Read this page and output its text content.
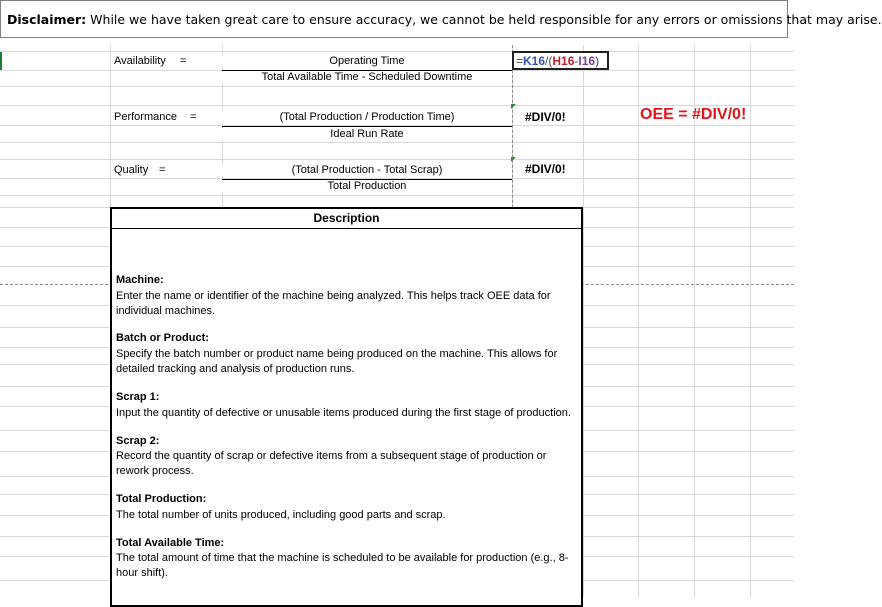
Disclaimer: While we have taken great care to ensure accuracy, we cannot be held responsible for any errors or omissions that may arise.
Availability =	Operating Time
Total Available Time - Scheduled Downtime
=K16/(H16-I16)
Performance =	(Total Production / Production Time)
Ideal Run Rate
#DIV/0!	OEE = #DIV/0!
Quality =	(Total Production - Total Scrap)
Total Production
#DIV/0!
Description
Machine:
Enter the name or identifier of the machine being analyzed. This helps track OEE data for individual machines.
Batch or Product:
Specify the batch number or product name being produced on the machine. This allows for detailed tracking and analysis of production runs.
Scrap 1:
Input the quantity of defective or unusable items produced during the first stage of production.
Scrap 2:
Record the quantity of scrap or defective items from a subsequent stage of production or rework process.
Total Production:
The total number of units produced, including good parts and scrap.
Total Available Time:
The total amount of time that the machine is scheduled to be available for production (e.g., 8-hour shift).
